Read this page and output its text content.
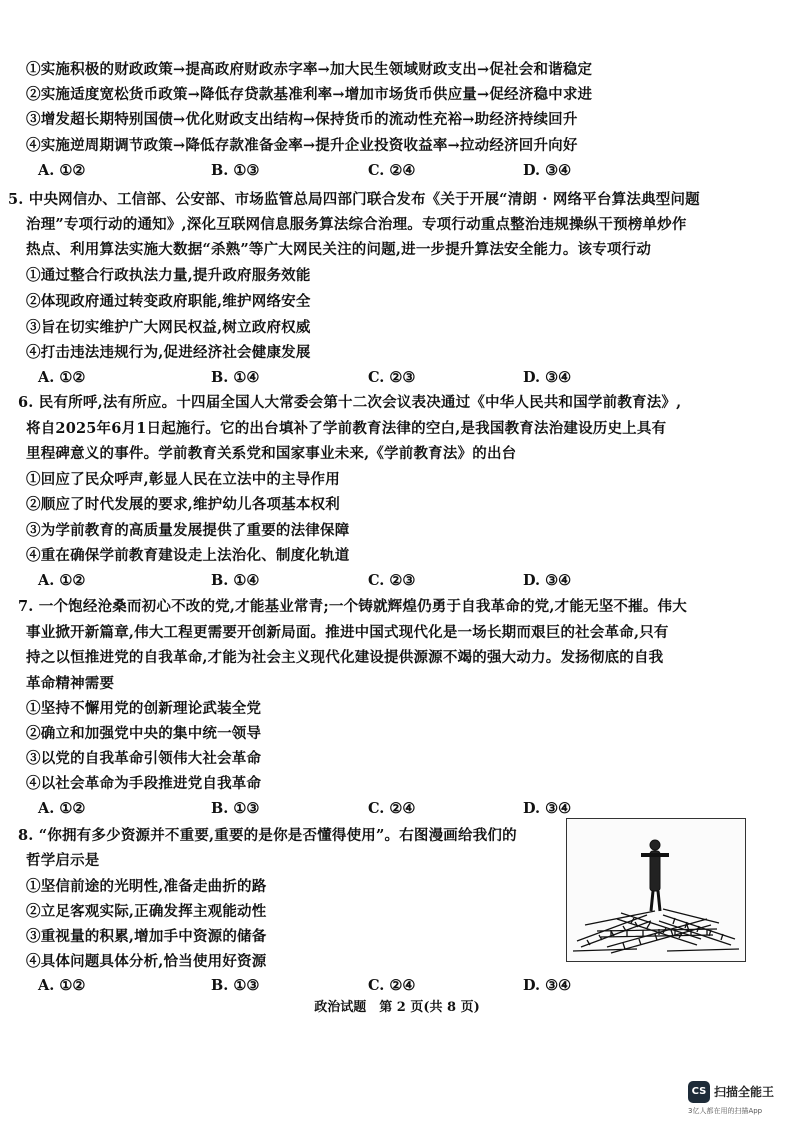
①实施积极的财政政策→提高政府财政赤字率→加大民生领域财政支出→促社会和谐稳定
②实施适度宽松货币政策→降低存贷款基准利率→增加市场货币供应量→促经济稳中求进
③增发超长期特别国债→优化财政支出结构→保持货币的流动性充裕→助经济持续回升
④实施逆周期调节政策→降低存款准备金率→提升企业投资收益率→拉动经济回升向好
A. ①②	B. ①③	C. ②④	D. ③④
5. 中央网信办、工信部、公安部、市场监管总局四部门联合发布《关于开展“清朗 · 网络平台算法典型问题
治理”专项行动的通知》,深化互联网信息服务算法综合治理。专项行动重点整治违规操纵干预榜单炒作
热点、利用算法实施大数据“杀熟”等广大网民关注的问题,进一步提升算法安全能力。该专项行动
①通过整合行政执法力量,提升政府服务效能
②体现政府通过转变政府职能,维护网络安全
③旨在切实维护广大网民权益,树立政府权威
④打击违法违规行为,促进经济社会健康发展
A. ①②	B. ①④	C. ②③	D. ③④
6. 民有所呼,法有所应。十四届全国人大常委会第十二次会议表决通过《中华人民共和国学前教育法》,
将自2025年6月1日起施行。它的出台填补了学前教育法律的空白,是我国教育法治建设历史上具有
里程碑意义的事件。学前教育关系党和国家事业未来,《学前教育法》的出台
①回应了民众呼声,彰显人民在立法中的主导作用
②顺应了时代发展的要求,维护幼儿各项基本权利
③为学前教育的高质量发展提供了重要的法律保障
④重在确保学前教育建设走上法治化、制度化轨道
A. ①②	B. ①④	C. ②③	D. ③④
7. 一个饱经沧桑而初心不改的党,才能基业常青;一个铸就辉煌仍勇于自我革命的党,才能无坚不摧。伟大
事业掀开新篇章,伟大工程更需要开创新局面。推进中国式现代化是一场长期而艰巨的社会革命,只有
持之以恒推进党的自我革命,才能为社会主义现代化建设提供源源不竭的强大动力。发扬彻底的自我
革命精神需要
①坚持不懈用党的创新理论武装全党
②确立和加强党中央的集中统一领导
③以党的自我革命引领伟大社会革命
④以社会革命为手段推进党自我革命
A. ①②	B. ①③	C. ②④	D. ③④
8. “你拥有多少资源并不重要,重要的是你是否懂得使用”。右图漫画给我们的
哲学启示是
①坚信前途的光明性,准备走曲折的路
②立足客观实际,正确发挥主观能动性
③重视量的积累,增加手中资源的储备
④具体问题具体分析,恰当使用好资源
A. ①②	B. ①③	C. ②④	D. ③④
政治试题　第 2 页(共 8 页)
CS 扫描全能王
3亿人都在用的扫描App
